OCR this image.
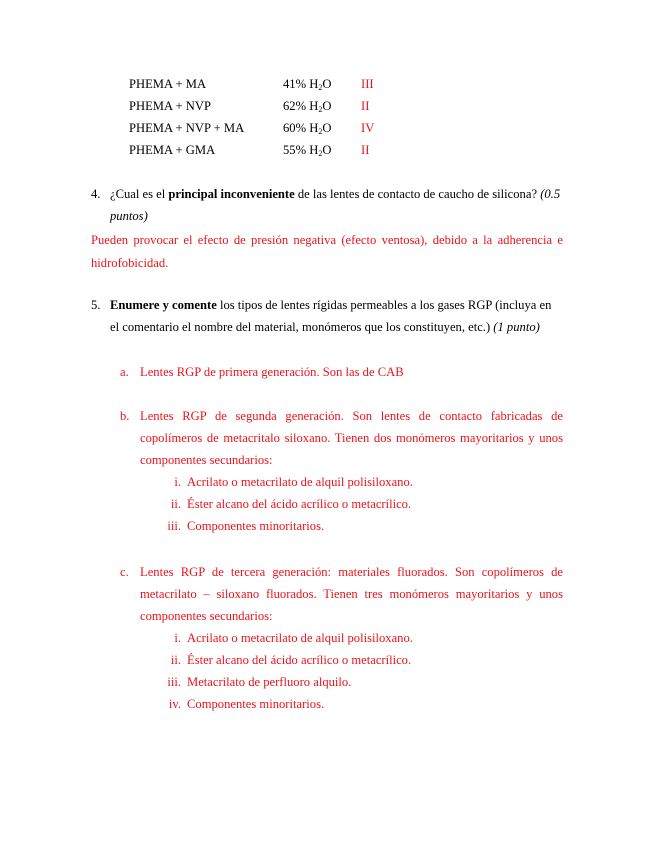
PHEMA + MA	41% $H_2O$ III
PHEMA + NVP	62% $H_2O$ II
PHEMA + NVP + MA	60% $H_2O$ IV
PHEMA + GMA	55% $H_2O$ II
4. ¿Cual es el principal inconveniente de las lentes de contacto de caucho de silicona? (0.5
puntos)
Pueden provocar el efecto de presión negativa (efecto ventosa), debido a la adherencia e
hidrofobicidad.
5. Enumere y comente los tipos de lentes rígidas permeables a los gases RGP (incluya en
el comentario el nombre del material, monómeros que los constituyen, etc.) (1 punto)
a. Lentes RGP de primera generación. Son las de CAB
b. Lentes RGP de segunda generación. Son lentes de contacto fabricadas de
copolímeros de metacritalo siloxano. Tienen dos monómeros mayoritarios y unos
componentes secundarios:
i. Acrilato o metacrilato de alquil polisiloxano.
ii. Éster alcano del ácido acrílico o metacrílico.
iii. Componentes minoritarios.
c. Lentes RGP de tercera generación: materiales fluorados. Son copolímeros de
metacrilato – siloxano fluorados. Tienen tres monómeros mayoritarios y unos
componentes secundarios:
i. Acrilato o metacrilato de alquil polisiloxano.
ii. Éster alcano del ácido acrílico o metacrílico.
iii. Metacrilato de perfluoro alquilo.
iv. Componentes minoritarios.
